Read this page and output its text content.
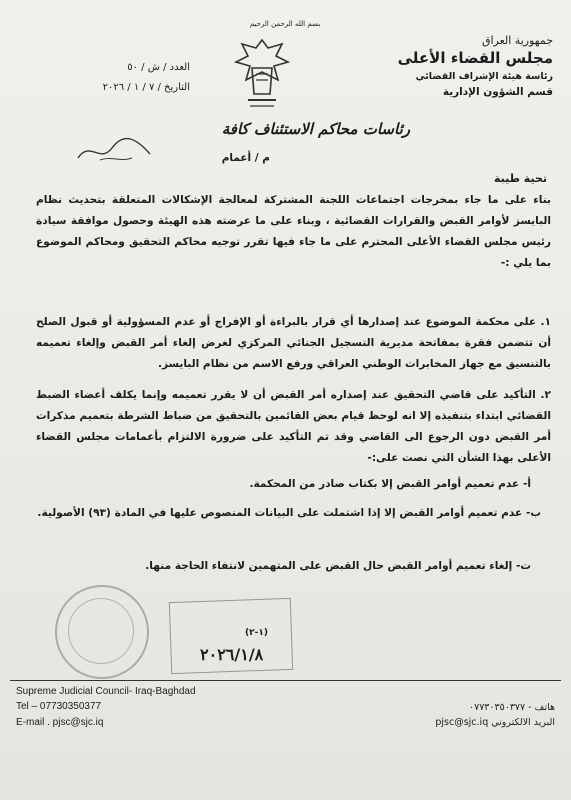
بسم الله الرحمن الرحيم
جمهورية العراق
مجلس القضاء الأعلى
رئاسة هيئة الإشراف القضائي
قسم الشؤون الإدارية
العدد / ش / ٥٠
التاريخ / ٧ / ١ / ٢٠٢٦
رئاسات محاكم الاستئناف كافة
م / أعمام
تحية طيبة
بناء على ما جاء بمخرجات اجتماعات اللجنة المشتركة لمعالجة الإشكالات المتعلقة بتحديث نظام البايسز لأوامر القبض والقرارات القضائية ، وبناء على ما عرضته هذه الهيئة وحصول موافقة سيادة رئيس مجلس القضاء الأعلى المحترم على ما جاء فيها تقرر توجيه محاكم التحقيق ومحاكم الموضوع بما يلي :-
١. على محكمة الموضوع عند إصدارها أي قرار بالبراءة أو الإفراج أو عدم المسؤولية أو قبول الصلح أن تتضمن فقرة بمفاتحة مديرية التسجيل الجنائي المركزي لغرض إلغاء أمر القبض وإلغاء تعميمه بالتنسيق مع جهاز المخابرات الوطني العراقي ورفع الاسم من نظام البايسز.
٢. التأكيد على قاضي التحقيق عند إصداره أمر القبض أن لا يقرر تعميمه وإنما يكلف أعضاء الضبط القضائي ابتداء بتنفيذه إلا انه لوحظ قيام بعض القائمين بالتحقيق من ضباط الشرطة بتعميم مذكرات أمر القبض دون الرجوع الى القاضي وقد تم التأكيد على ضرورة الالتزام بأعمامات مجلس القضاء الأعلى بهذا الشأن التي نصت على:-
أ- عدم تعميم أوامر القبض إلا بكتاب صادر من المحكمة.
ب- عدم تعميم أوامر القبض إلا إذا اشتملت على البيانات المنصوص عليها في المادة (٩٣) الأصولية.
ت- إلغاء تعميم أوامر القبض حال القبض على المتهمين لانتفاء الحاجة منها.
(١-٢)
٢٠٢٦/١/٨
Supreme Judicial Council- Iraq-Baghdad
Tel – 07730350377
E-mail . pjsc@sjc.iq
هاتف - ٠٧٧٣٠٣٥٠٣٧٧
البريد الالكتروني pjsc@sjc.iq
